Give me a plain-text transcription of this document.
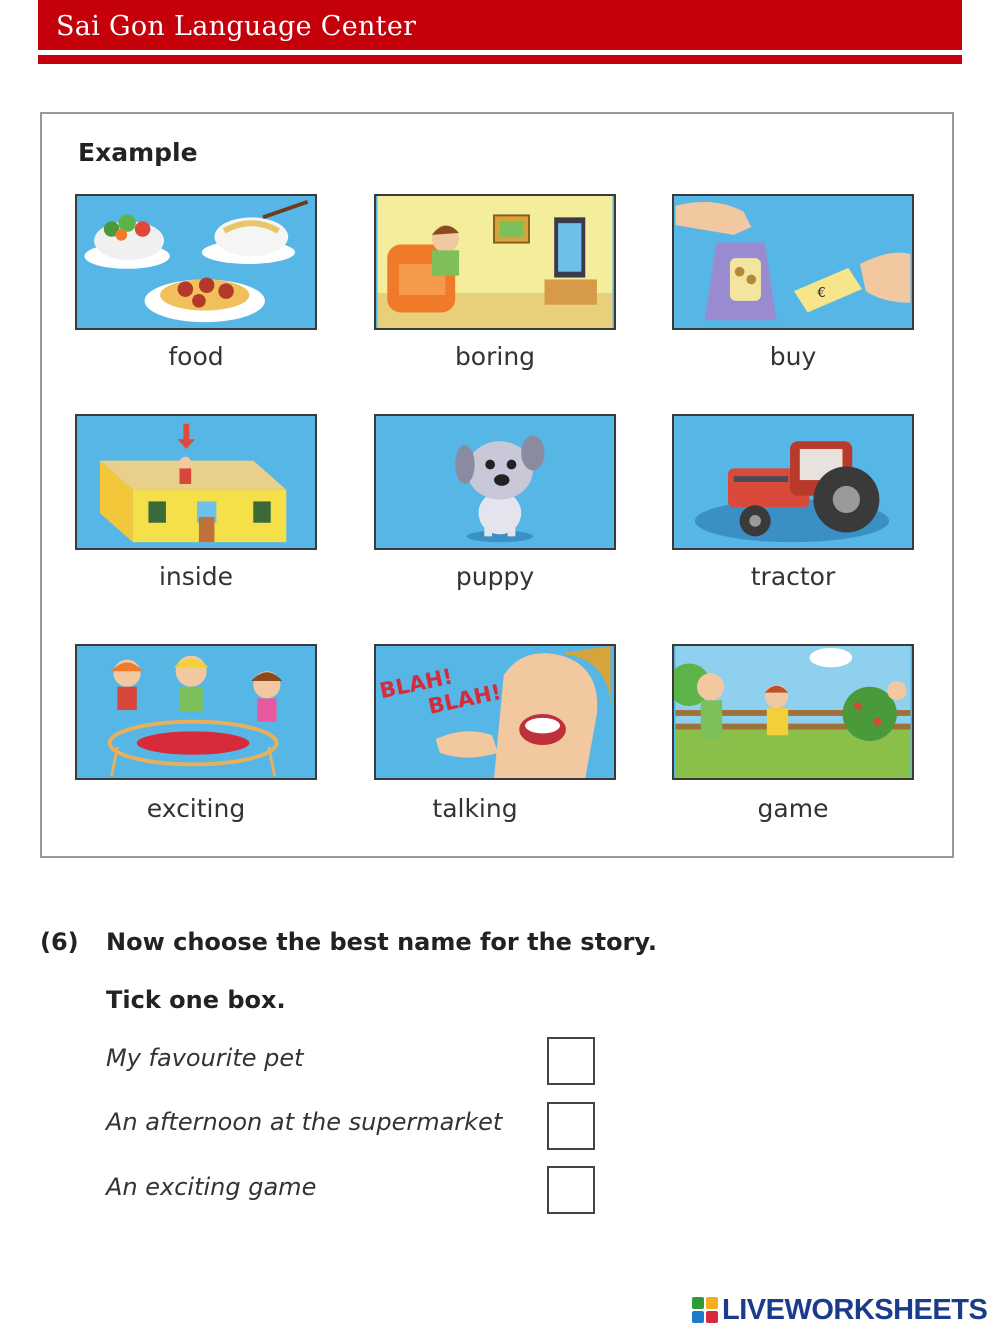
Sai Gon Language Center
Example
food	boring
€
buy
inside	puppy	tractor
exciting
BLAH!
BLAH!
talking	game
(6) Now choose the best name for the story.
Tick one box.
My favourite pet
An afternoon at the supermarket
An exciting game
LIVEWORKSHEETS
